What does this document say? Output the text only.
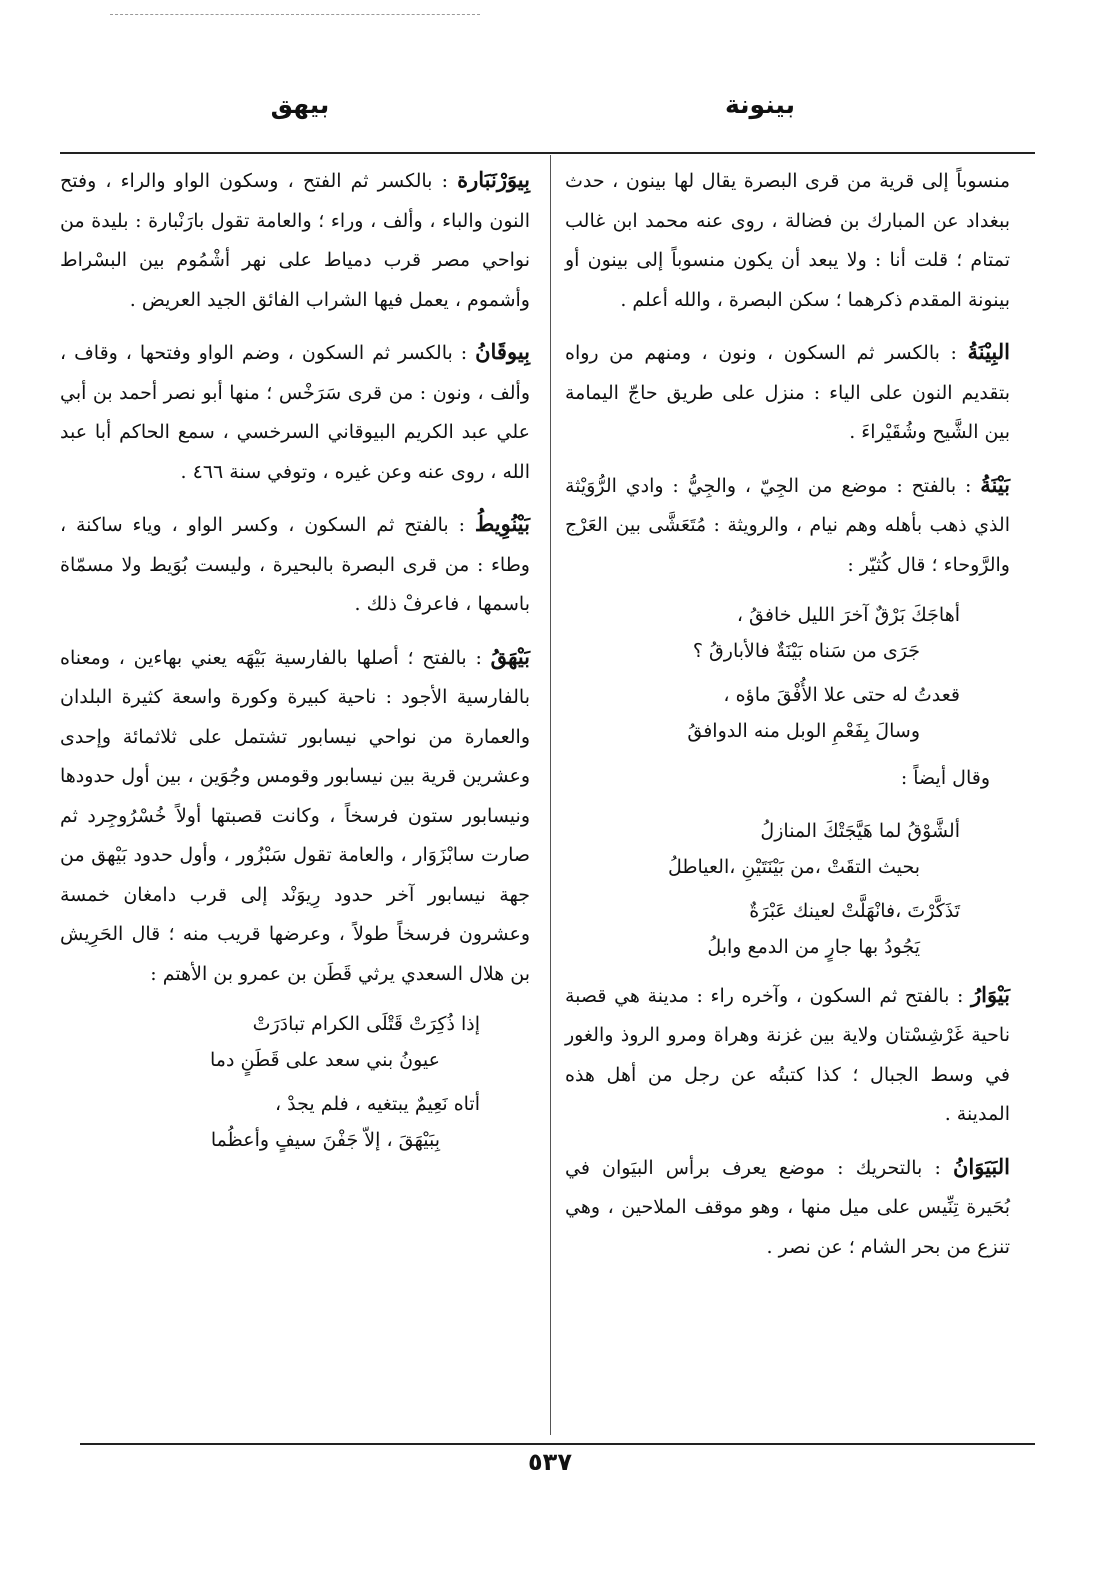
بينونة
بيهق
منسوباً إلى قرية من قرى البصرة يقال لها بينون ، حدث ببغداد عن المبارك بن فضالة ، روى عنه محمد ابن غالب تمتام ؛ قلت أنا : ولا يبعد أن يكون منسوباً إلى بينون أو بينونة المقدم ذكرهما ؛ سكن البصرة ، والله أعلم .
البِيْنَةُ : بالكسر ثم السكون ، ونون ، ومنهم من رواه بتقديم النون على الياء : منزل على طريق حاجّ اليمامة بين الشَّيح وشُقَيْراءَ .
بَيْنَةُ : بالفتح : موضع من الجِيّ ، والجِيُّ : وادي الرُّوَيْثة الذي ذهب بأهله وهم نيام ، والرويثة : مُتَعَشَّى بين العَرْج والرَّوحاء ؛ قال كُثيّر :
أهاجَكَ بَرْقٌ آخرَ الليل خافقُ ،
جَرَى من سَناه بَيْنَةٌ فالأبارقُ ؟
قعدتُ له حتى علا الأُفْقَ ماؤه ،
وسالَ بِفَعْمِ الوبل منه الدوافقُ
وقال أيضاً :
ألشَّوْقُ لما هَيَّجَتْكَ المنازلُ
بحيث التقَتْ ،من بَيْنَتَيْنِ ،العياطلُ
تَذَكَّرْتَ ،فانْهَلَّتْ لعينك عَبْرَةٌ
يَجُودُ بها جارٍ من الدمع وابلُ
بَيْوَارُ : بالفتح ثم السكون ، وآخره راء : مدينة هي قصبة ناحية غَرْشِسْتان ولاية بين غزنة وهراة ومرو الروذ والغور في وسط الجبال ؛ كذا كتبتُه عن رجل من أهل هذه المدينة .
البَيَوَانُ : بالتحريك : موضع يعرف برأس البيَوان في بُحَيرة تِنِّيس على ميل منها ، وهو موقف الملاحين ، وهي تنزع من بحر الشام ؛ عن نصر .
بِيوَرْنَبَارة : بالكسر ثم الفتح ، وسكون الواو والراء ، وفتح النون والباء ، وألف ، وراء ؛ والعامة تقول بارَنْبارة : بليدة من نواحي مصر قرب دمياط على نهر أشْمُوم بين البسْراط وأشموم ، يعمل فيها الشراب الفائق الجيد العريض .
بِيوقَانُ : بالكسر ثم السكون ، وضم الواو وفتحها ، وقاف ، وألف ، ونون : من قرى سَرَخْس ؛ منها أبو نصر أحمد بن أبي علي عبد الكريم البيوقاني السرخسي ، سمع الحاكم أبا عبد الله ، روى عنه وعن غيره ، وتوفي سنة ٤٦٦ .
بَيْنُوِيطُ : بالفتح ثم السكون ، وكسر الواو ، وياء ساكنة ، وطاء : من قرى البصرة بالبحيرة ، وليست بُوَيط ولا مسمّاة باسمها ، فاعرفْ ذلك .
بَيْهَقُ : بالفتح ؛ أصلها بالفارسية بَيْهَه يعني بهاءين ، ومعناه بالفارسية الأجود : ناحية كبيرة وكورة واسعة كثيرة البلدان والعمارة من نواحي نيسابور تشتمل على ثلاثمائة وإحدى وعشرين قرية بين نيسابور وقومس وجُوَين ، بين أول حدودها ونيسابور ستون فرسخاً ، وكانت قصبتها أولاً خُسْرُوجِرد ثم صارت سابْزَوَار ، والعامة تقول سَبْزُور ، وأول حدود بَيْهق من جهة نيسابور آخر حدود رِيوَنْد إلى قرب دامغان خمسة وعشرون فرسخاً طولاً ، وعرضها قريب منه ؛ قال الحَرِيش بن هلال السعدي يرثي قَطَن بن عمرو بن الأهتم :
إذا ذُكِرَتْ قَتْلَى الكرام تبادَرَتْ
عيونُ بني سعد على قَطَنٍ دما
أتاه نَعِيمٌ يبتغيه ، فلم يجدْ ،
بِبَيْهَقَ ، إلاّ جَفْنَ سيفٍ وأعظُما
٥٣٧
